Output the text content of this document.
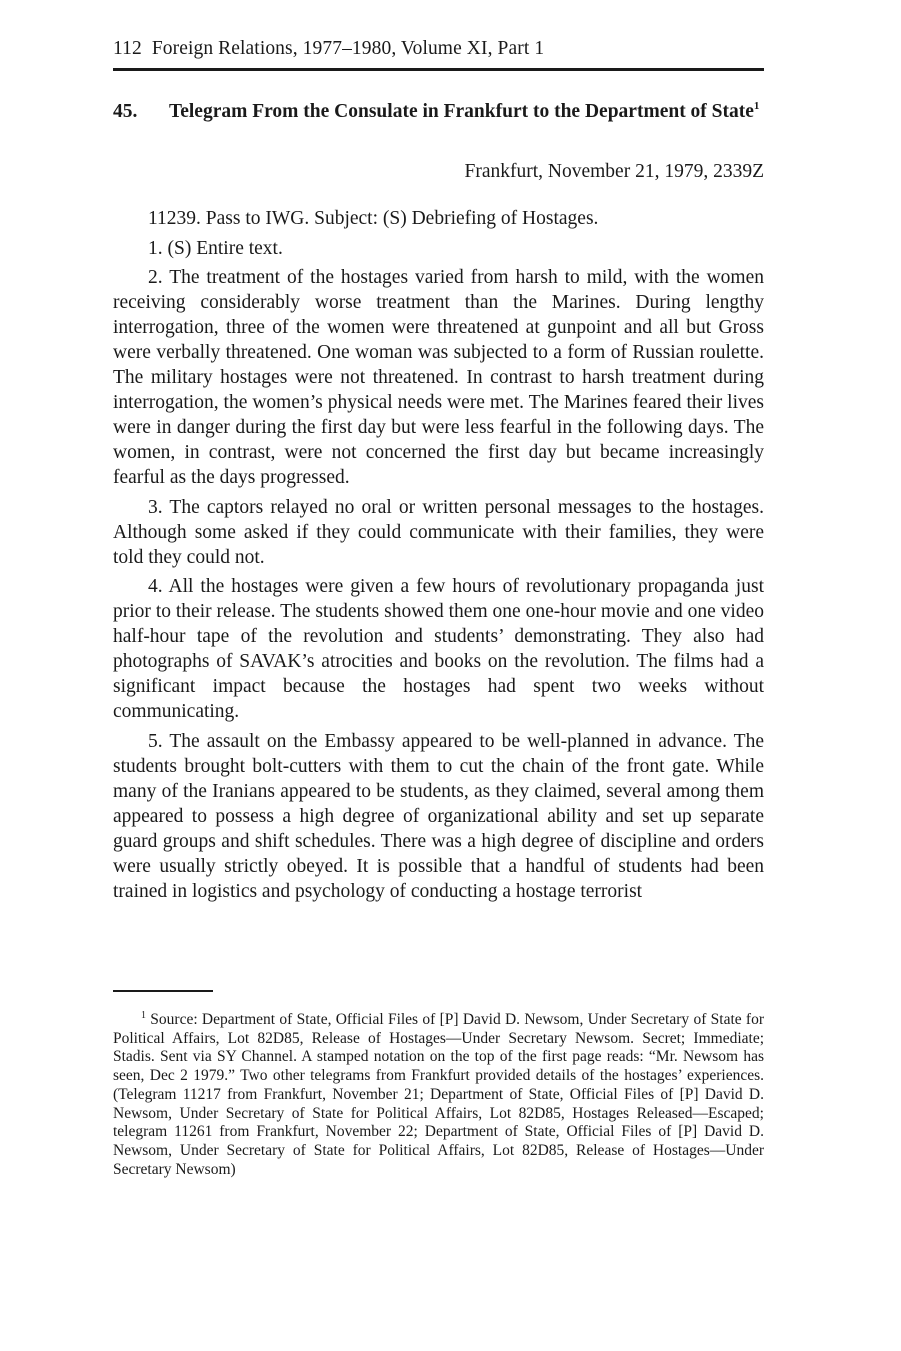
112 Foreign Relations, 1977–1980, Volume XI, Part 1
45. Telegram From the Consulate in Frankfurt to the Department of State$^1$
Frankfurt, November 21, 1979, 2339Z

11239. Pass to IWG. Subject: (S) Debriefing of Hostages.

1. (S) Entire text.

2. The treatment of the hostages varied from harsh to mild, with the women receiving considerably worse treatment than the Marines. During lengthy interrogation, three of the women were threatened at gunpoint and all but Gross were verbally threatened. One woman was subjected to a form of Russian roulette. The military hostages were not threatened. In contrast to harsh treatment during interrogation, the women’s physical needs were met. The Marines feared their lives were in danger during the first day but were less fearful in the following days. The women, in contrast, were not concerned the first day but became increasingly fearful as the days progressed.

3. The captors relayed no oral or written personal messages to the hostages. Although some asked if they could communicate with their families, they were told they could not.

4. All the hostages were given a few hours of revolutionary propaganda just prior to their release. The students showed them one one-hour movie and one video half-hour tape of the revolution and students’ demonstrating. They also had photographs of SAVAK’s atrocities and books on the revolution. The films had a significant impact because the hostages had spent two weeks without communicating.

5. The assault on the Embassy appeared to be well-planned in advance. The students brought bolt-cutters with them to cut the chain of the front gate. While many of the Iranians appeared to be students, as they claimed, several among them appeared to possess a high degree of organizational ability and set up separate guard groups and shift schedules. There was a high degree of discipline and orders were usually strictly obeyed. It is possible that a handful of students had been trained in logistics and psychology of conducting a hostage terrorist

$^1$ Source: Department of State, Official Files of [P] David D. Newsom, Under Secretary of State for Political Affairs, Lot 82D85, Release of Hostages—Under Secretary Newsom. Secret; Immediate; Stadis. Sent via SY Channel. A stamped notation on the top of the first page reads: “Mr. Newsom has seen, Dec 2 1979.” Two other telegrams from Frankfurt provided details of the hostages’ experiences. (Telegram 11217 from Frankfurt, November 21; Department of State, Official Files of [P] David D. Newsom, Under Secretary of State for Political Affairs, Lot 82D85, Hostages Released—Escaped; telegram 11261 from Frankfurt, November 22; Department of State, Official Files of [P] David D. Newsom, Under Secretary of State for Political Affairs, Lot 82D85, Release of Hostages—Under Secretary Newsom)
